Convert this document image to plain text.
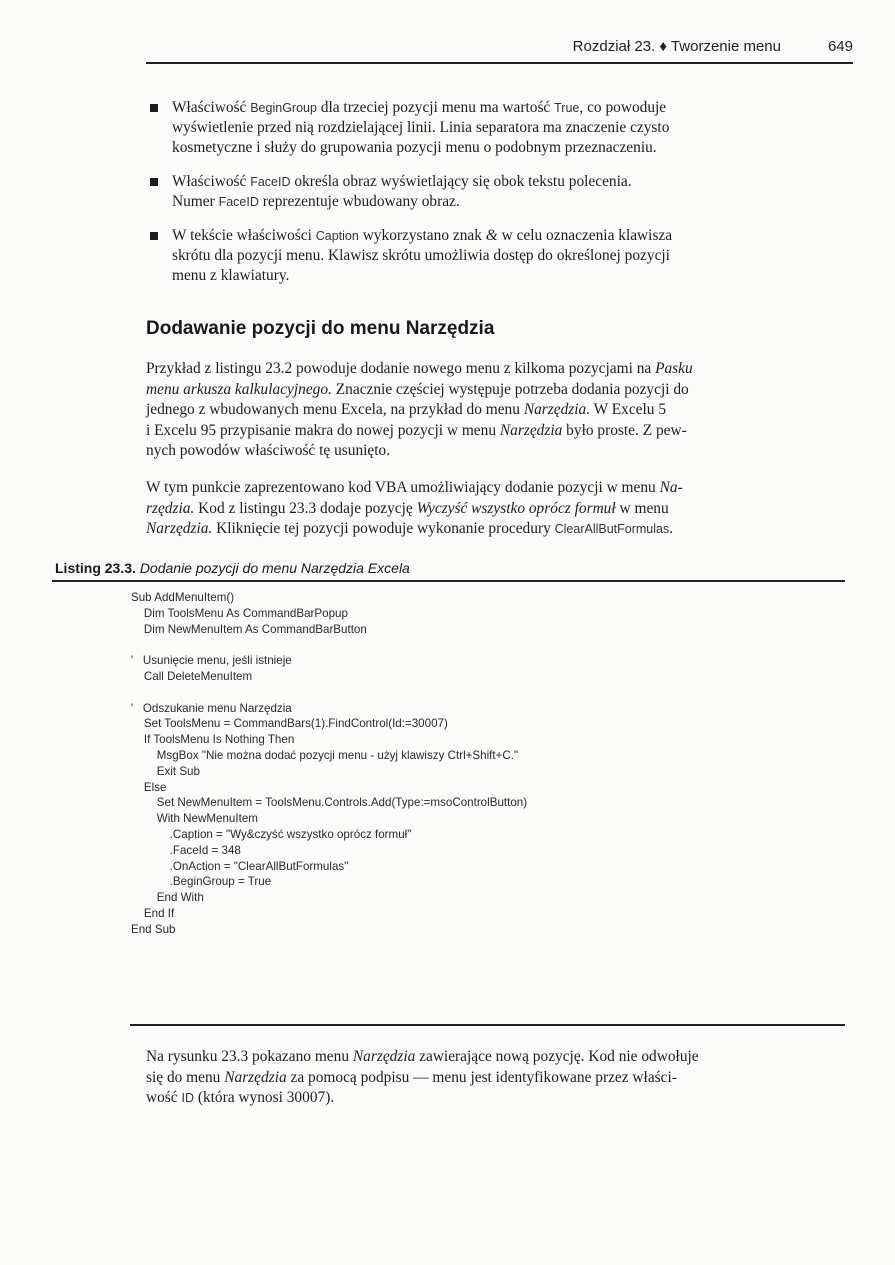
Rozdział 23. ♦ Tworzenie menu	649
Właściwość BeginGroup dla trzeciej pozycji menu ma wartość True, co powoduje
wyświetlenie przed nią rozdzielającej linii. Linia separatora ma znaczenie czysto
kosmetyczne i służy do grupowania pozycji menu o podobnym przeznaczeniu.
Właściwość FaceID określa obraz wyświetlający się obok tekstu polecenia.
Numer FaceID reprezentuje wbudowany obraz.
W tekście właściwości Caption wykorzystano znak & w celu oznaczenia klawisza
skrótu dla pozycji menu. Klawisz skrótu umożliwia dostęp do określonej pozycji
menu z klawiatury.
Dodawanie pozycji do menu Narzędzia
Przykład z listingu 23.2 powoduje dodanie nowego menu z kilkoma pozycjami na Pasku
menu arkusza kalkulacyjnego. Znacznie częściej występuje potrzeba dodania pozycji do
jednego z wbudowanych menu Excela, na przykład do menu Narzędzia. W Excelu 5
i Excelu 95 przypisanie makra do nowej pozycji w menu Narzędzia było proste. Z pew-
nych powodów właściwość tę usunięto.
W tym punkcie zaprezentowano kod VBA umożliwiający dodanie pozycji w menu Na-
rzędzia. Kod z listingu 23.3 dodaje pozycję Wyczyść wszystko oprócz formuł w menu
Narzędzia. Kliknięcie tej pozycji powoduje wykonanie procedury ClearAllButFormulas.
Listing 23.3. Dodanie pozycji do menu Narzędzia Excela
Sub AddMenuItem()
Dim ToolsMenu As CommandBarPopup
Dim NewMenuItem As CommandBarButton

'   Usunięcie menu, jeśli istnieje
Call DeleteMenuItem

'   Odszukanie menu Narzędzia
Set ToolsMenu = CommandBars(1).FindControl(Id:=30007)
If ToolsMenu Is Nothing Then
MsgBox "Nie można dodać pozycji menu - użyj klawiszy Ctrl+Shift+C."
Exit Sub
Else
Set NewMenuItem = ToolsMenu.Controls.Add(Type:=msoControlButton)
With NewMenuItem
.Caption = "Wy&czyść wszystko oprócz formuł"
.FaceId = 348
.OnAction = "ClearAllButFormulas"
.BeginGroup = True
End With
End If
End Sub
Na rysunku 23.3 pokazano menu Narzędzia zawierające nową pozycję. Kod nie odwołuje
się do menu Narzędzia za pomocą podpisu — menu jest identyfikowane przez właści-
wość ID (która wynosi 30007).
